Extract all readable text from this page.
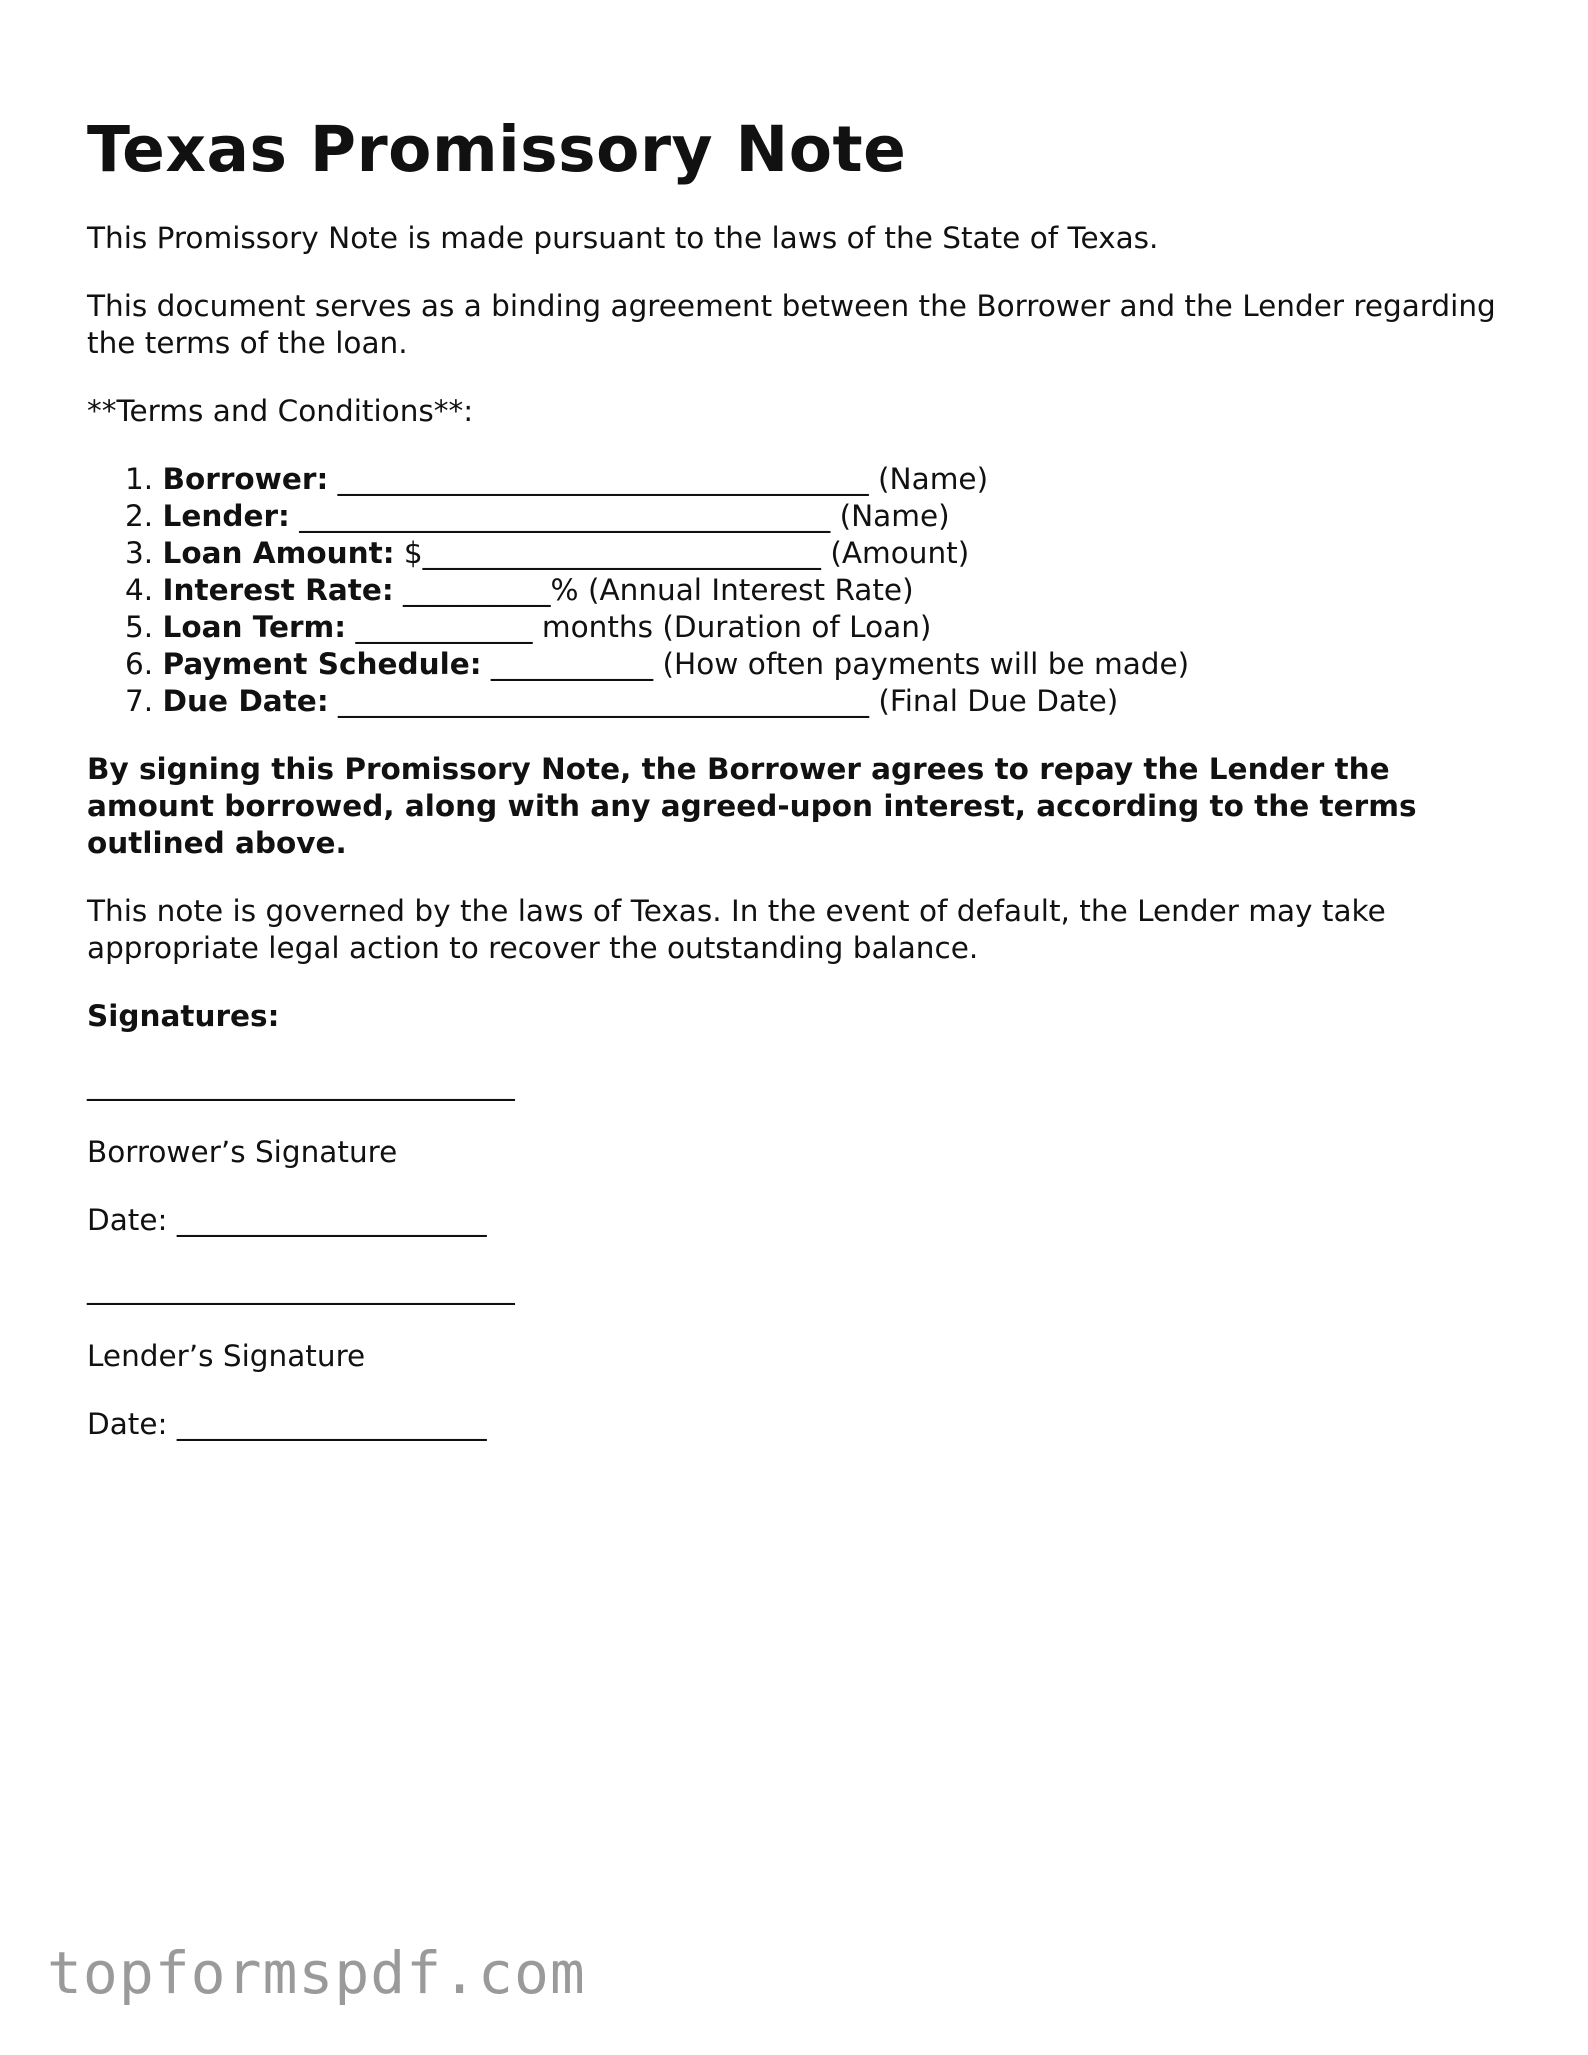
Texas Promissory Note

This Promissory Note is made pursuant to the laws of the State of Texas.

This document serves as a binding agreement between the Borrower and the Lender regarding the terms of the loan.

**Terms and Conditions**:

1. Borrower: ____________________________________ (Name)
2. Lender: ____________________________________ (Name)
3. Loan Amount: $___________________________ (Amount)
4. Interest Rate: __________% (Annual Interest Rate)
5. Loan Term: ____________ months (Duration of Loan)
6. Payment Schedule: ___________ (How often payments will be made)
7. Due Date: ____________________________________ (Final Due Date)

By signing this Promissory Note, the Borrower agrees to repay the Lender the amount borrowed, along with any agreed-upon interest, according to the terms outlined above.

This note is governed by the laws of Texas. In the event of default, the Lender may take appropriate legal action to recover the outstanding balance.

Signatures:

_____________________________

Borrower’s Signature

Date: _____________________

_____________________________

Lender’s Signature

Date: _____________________

topformspdf.com
